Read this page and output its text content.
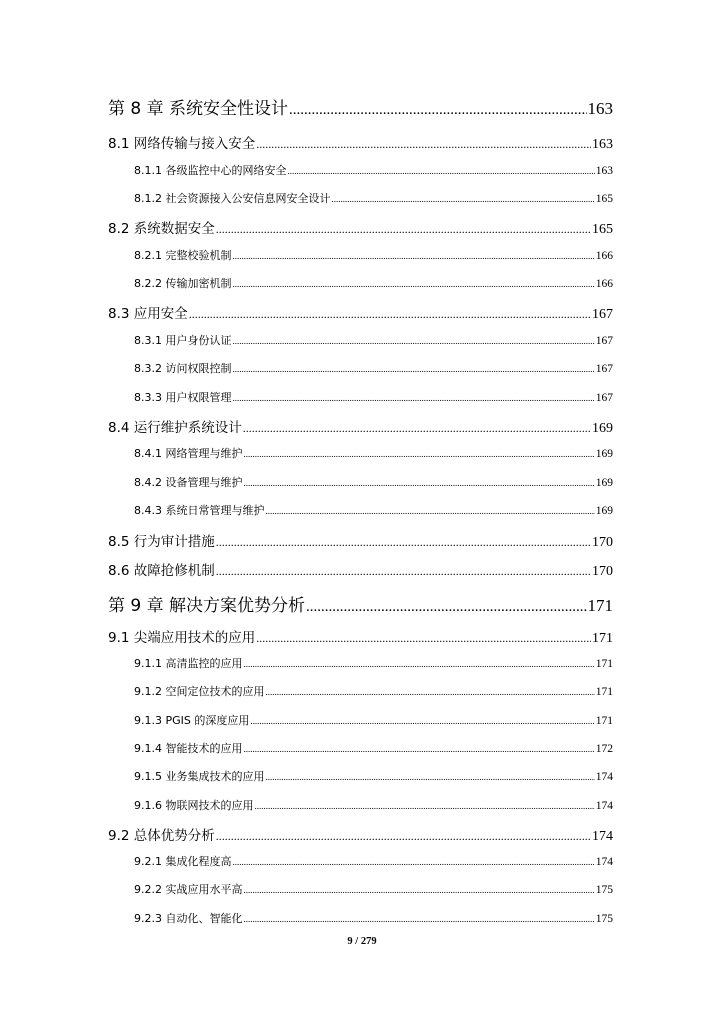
第 8 章 系统安全性设计 .....	163
8.1 网络传输与接入安全 .....	163
8.1.1 各级监控中心的网络安全 .....	163
8.1.2 社会资源接入公安信息网安全设计 .....	165
8.2 系统数据安全 .....	165
8.2.1 完整校验机制 .....	166
8.2.2 传输加密机制 .....	166
8.3 应用安全 .....	167
8.3.1 用户身份认证 .....	167
8.3.2 访问权限控制 .....	167
8.3.3 用户权限管理 .....	167
8.4 运行维护系统设计 .....	169
8.4.1 网络管理与维护 .....	169
8.4.2 设备管理与维护 .....	169
8.4.3 系统日常管理与维护 .....	169
8.5 行为审计措施 .....	170
8.6 故障抢修机制 .....	170
第 9 章 解决方案优势分析 .....	171
9.1 尖端应用技术的应用 .....	171
9.1.1 高清监控的应用 .....	171
9.1.2 空间定位技术的应用 .....	171
9.1.3 PGIS 的深度应用 .....	171
9.1.4 智能技术的应用 .....	172
9.1.5 业务集成技术的应用 .....	174
9.1.6 物联网技术的应用 .....	174
9.2 总体优势分析 .....	174
9.2.1 集成化程度高 .....	174
9.2.2 实战应用水平高 .....	175
9.2.3 自动化、智能化 .....	175
9 / 279
